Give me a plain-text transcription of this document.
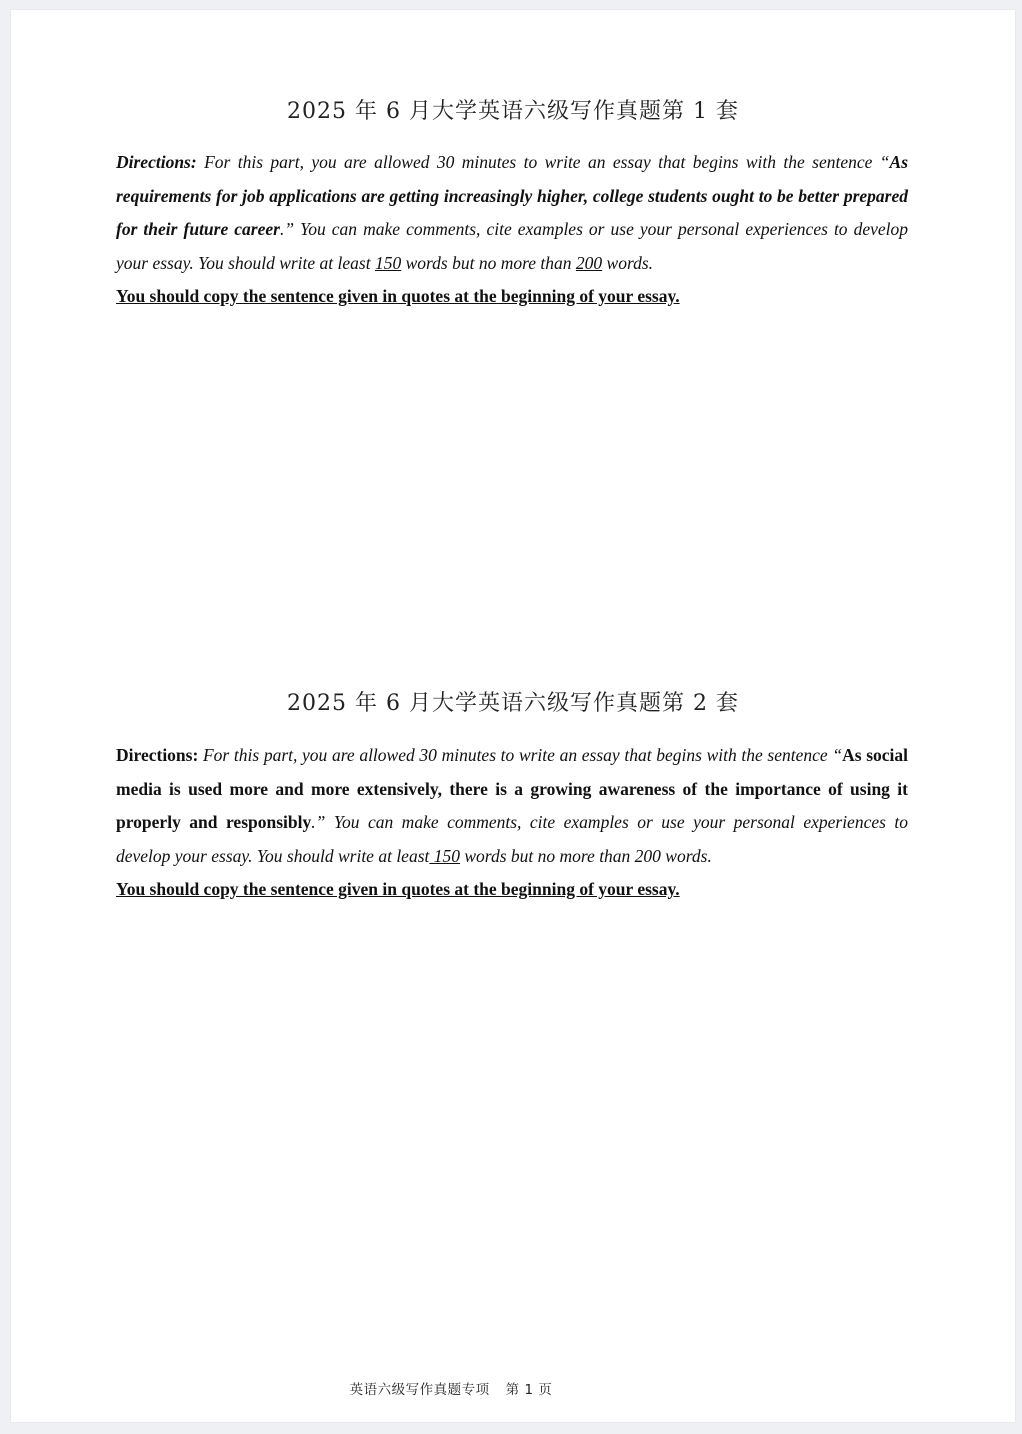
2025 年 6 月大学英语六级写作真题第 1 套
Directions: For this part, you are allowed 30 minutes to write an essay that begins with the sentence “As requirements for job applications are getting increasingly higher, college students ought to be better prepared for their future career.” You can make comments, cite examples or use your personal experiences to develop your essay. You should write at least 150 words but no more than 200 words.
You should copy the sentence given in quotes at the beginning of your essay.
2025 年 6 月大学英语六级写作真题第 2 套
Directions: For this part, you are allowed 30 minutes to write an essay that begins with the sentence “As social media is used more and more extensively, there is a growing awareness of the importance of using it properly and responsibly.” You can make comments, cite examples or use your personal experiences to develop your essay. You should write at least 150 words but no more than 200 words.
You should copy the sentence given in quotes at the beginning of your essay.
英语六级写作真题专项 第 1 页
